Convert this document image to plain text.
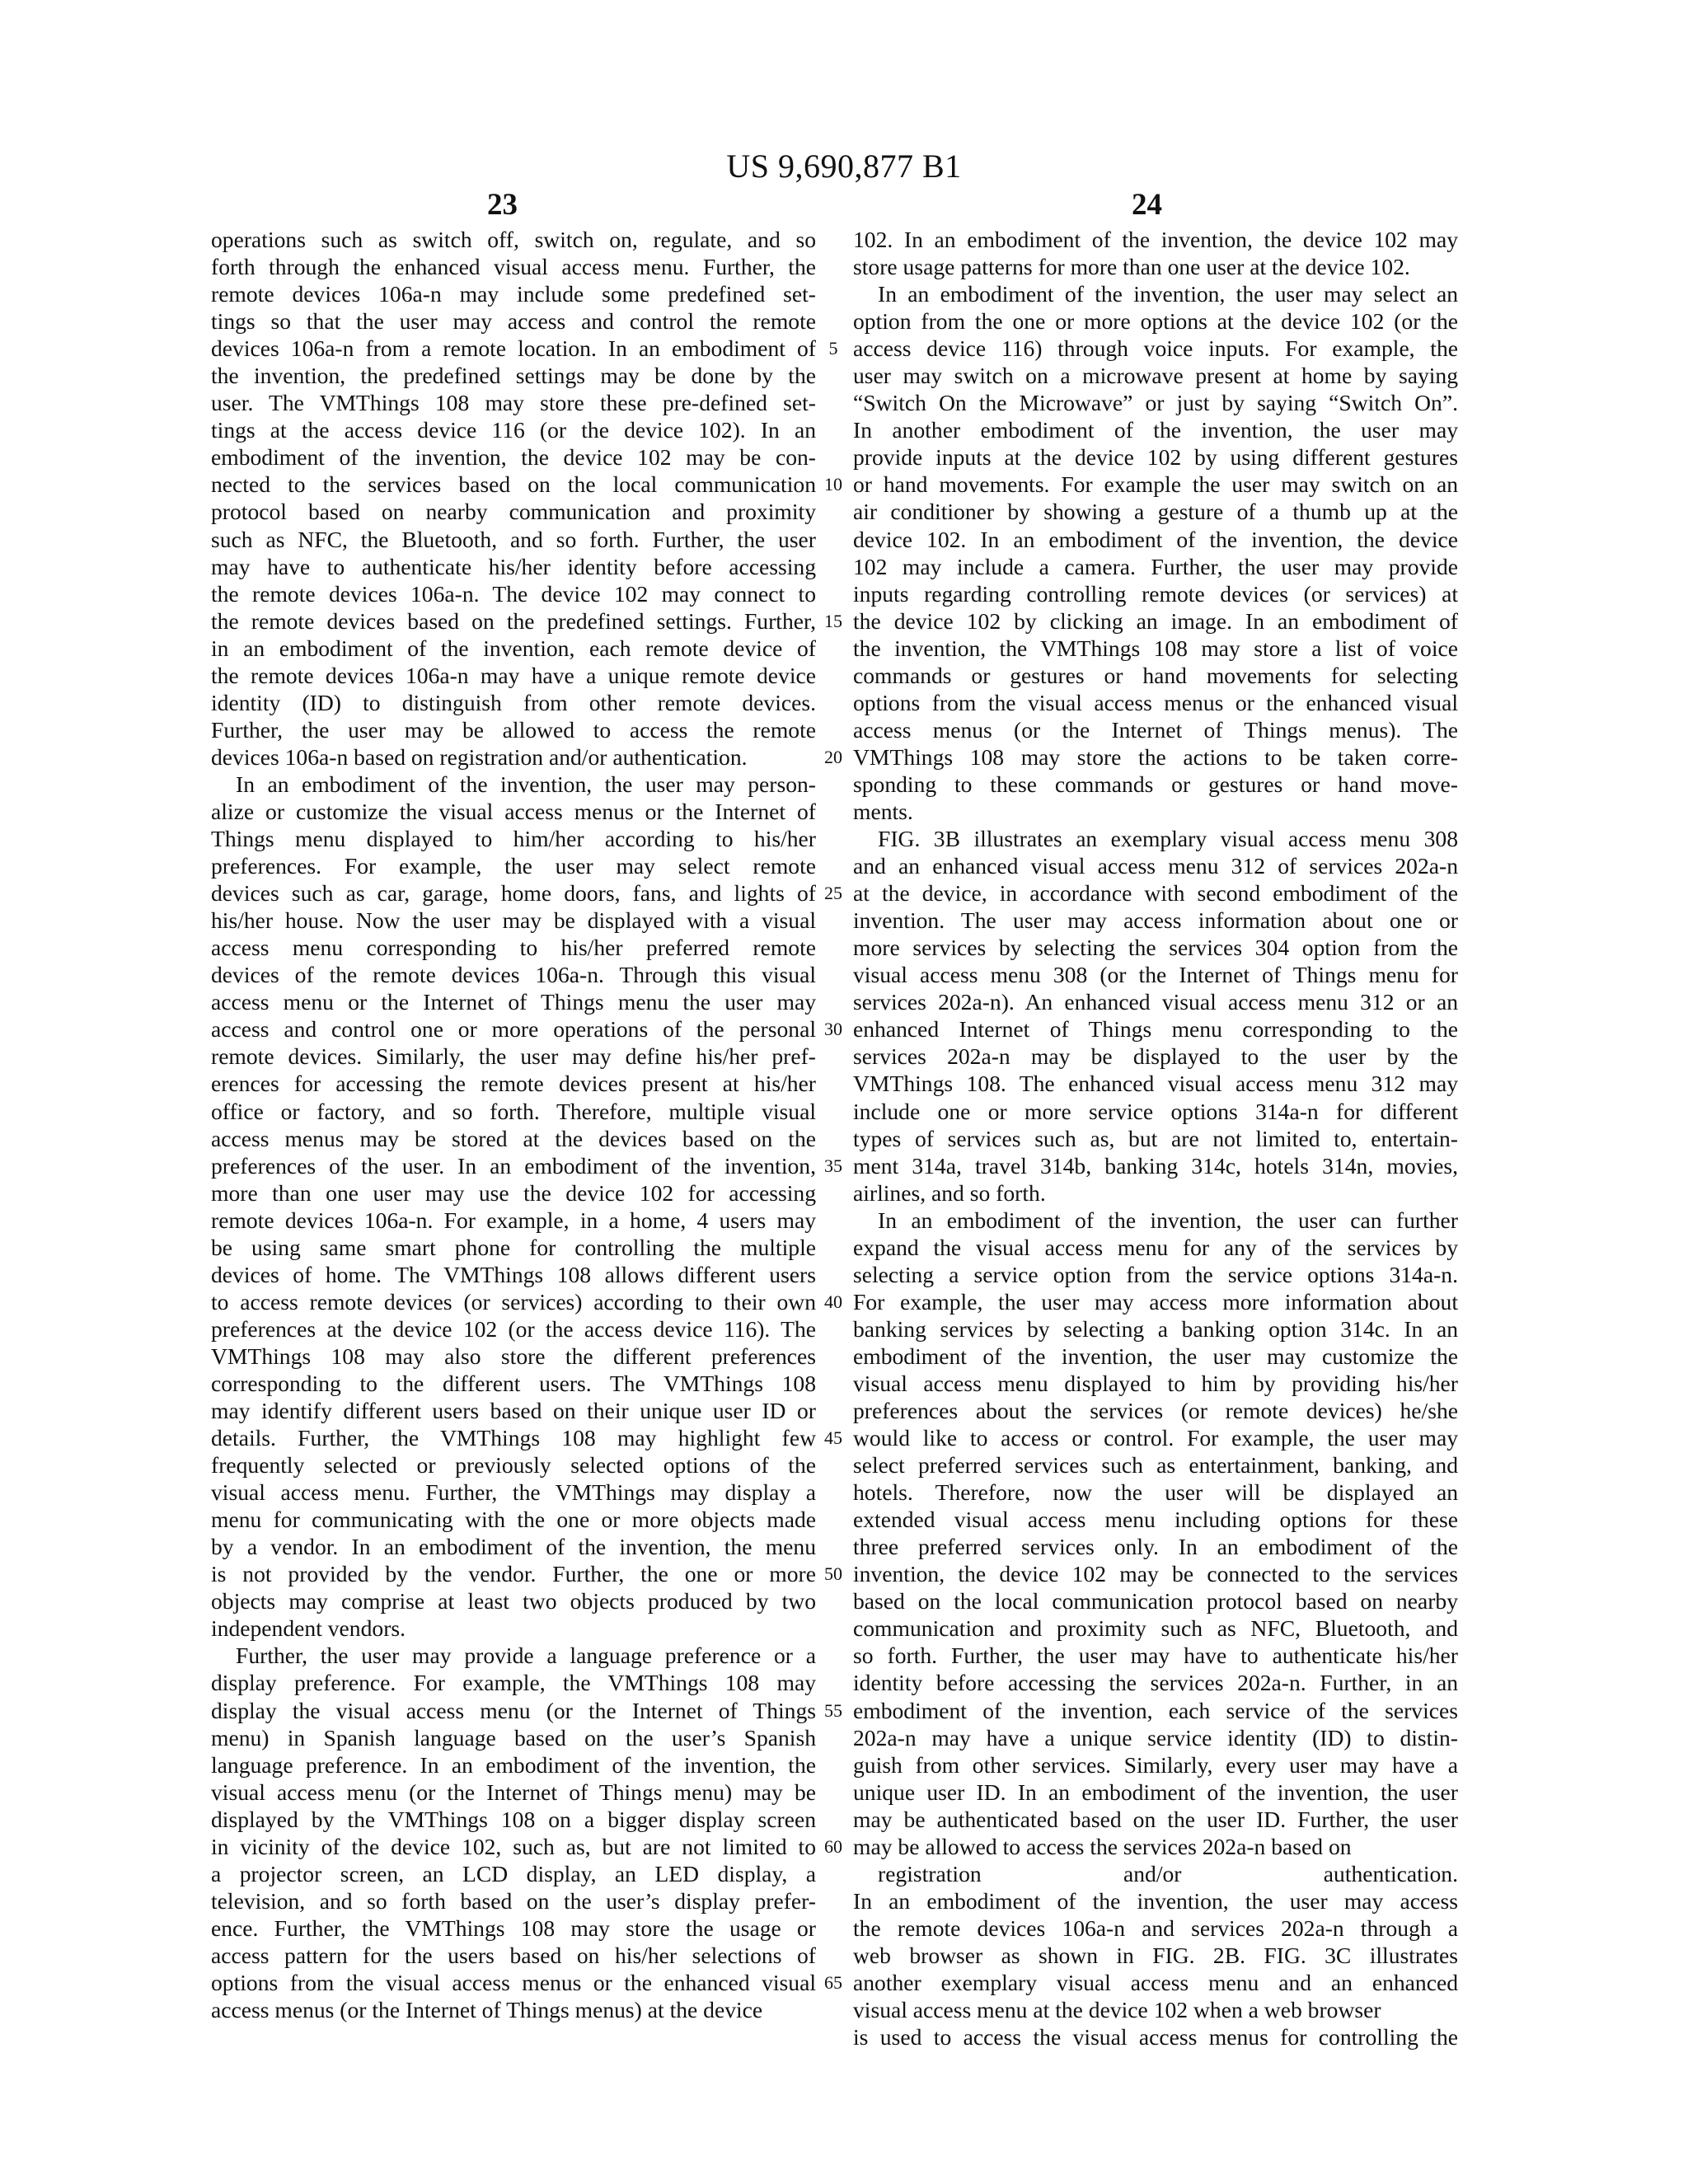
US 9,690,877 B1
23	24
operations such as switch off, switch on, regulate, and so
forth through the enhanced visual access menu. Further, the
remote devices 106a-n may include some predefined set-
tings so that the user may access and control the remote
devices 106a-n from a remote location. In an embodiment of
the invention, the predefined settings may be done by the
user. The VMThings 108 may store these pre-defined set-
tings at the access device 116 (or the device 102). In an
embodiment of the invention, the device 102 may be con-
nected to the services based on the local communication
protocol based on nearby communication and proximity
such as NFC, the Bluetooth, and so forth. Further, the user
may have to authenticate his/her identity before accessing
the remote devices 106a-n. The device 102 may connect to
the remote devices based on the predefined settings. Further,
in an embodiment of the invention, each remote device of
the remote devices 106a-n may have a unique remote device
identity (ID) to distinguish from other remote devices.
Further, the user may be allowed to access the remote
devices 106a-n based on registration and/or authentication.
In an embodiment of the invention, the user may person-
alize or customize the visual access menus or the Internet of
Things menu displayed to him/her according to his/her
preferences. For example, the user may select remote
devices such as car, garage, home doors, fans, and lights of
his/her house. Now the user may be displayed with a visual
access menu corresponding to his/her preferred remote
devices of the remote devices 106a-n. Through this visual
access menu or the Internet of Things menu the user may
access and control one or more operations of the personal
remote devices. Similarly, the user may define his/her pref-
erences for accessing the remote devices present at his/her
office or factory, and so forth. Therefore, multiple visual
access menus may be stored at the devices based on the
preferences of the user. In an embodiment of the invention,
more than one user may use the device 102 for accessing
remote devices 106a-n. For example, in a home, 4 users may
be using same smart phone for controlling the multiple
devices of home. The VMThings 108 allows different users
to access remote devices (or services) according to their own
preferences at the device 102 (or the access device 116). The
VMThings 108 may also store the different preferences
corresponding to the different users. The VMThings 108
may identify different users based on their unique user ID or
details. Further, the VMThings 108 may highlight few
frequently selected or previously selected options of the
visual access menu. Further, the VMThings may display a
menu for communicating with the one or more objects made
by a vendor. In an embodiment of the invention, the menu
is not provided by the vendor. Further, the one or more
objects may comprise at least two objects produced by two
independent vendors.
Further, the user may provide a language preference or a
display preference. For example, the VMThings 108 may
display the visual access menu (or the Internet of Things
menu) in Spanish language based on the user’s Spanish
language preference. In an embodiment of the invention, the
visual access menu (or the Internet of Things menu) may be
displayed by the VMThings 108 on a bigger display screen
in vicinity of the device 102, such as, but are not limited to
a projector screen, an LCD display, an LED display, a
television, and so forth based on the user’s display prefer-
ence. Further, the VMThings 108 may store the usage or
access pattern for the users based on his/her selections of
options from the visual access menus or the enhanced visual
access menus (or the Internet of Things menus) at the device
5
10
15
20
25
30
35
40
45
50
55
60
65
102. In an embodiment of the invention, the device 102 may
store usage patterns for more than one user at the device 102.
In an embodiment of the invention, the user may select an
option from the one or more options at the device 102 (or the
access device 116) through voice inputs. For example, the
user may switch on a microwave present at home by saying
“Switch On the Microwave” or just by saying “Switch On”.
In another embodiment of the invention, the user may
provide inputs at the device 102 by using different gestures
or hand movements. For example the user may switch on an
air conditioner by showing a gesture of a thumb up at the
device 102. In an embodiment of the invention, the device
102 may include a camera. Further, the user may provide
inputs regarding controlling remote devices (or services) at
the device 102 by clicking an image. In an embodiment of
the invention, the VMThings 108 may store a list of voice
commands or gestures or hand movements for selecting
options from the visual access menus or the enhanced visual
access menus (or the Internet of Things menus). The
VMThings 108 may store the actions to be taken corre-
sponding to these commands or gestures or hand move-
ments.
FIG. 3B illustrates an exemplary visual access menu 308
and an enhanced visual access menu 312 of services 202a-n
at the device, in accordance with second embodiment of the
invention. The user may access information about one or
more services by selecting the services 304 option from the
visual access menu 308 (or the Internet of Things menu for
services 202a-n). An enhanced visual access menu 312 or an
enhanced Internet of Things menu corresponding to the
services 202a-n may be displayed to the user by the
VMThings 108. The enhanced visual access menu 312 may
include one or more service options 314a-n for different
types of services such as, but are not limited to, entertain-
ment 314a, travel 314b, banking 314c, hotels 314n, movies,
airlines, and so forth.
In an embodiment of the invention, the user can further
expand the visual access menu for any of the services by
selecting a service option from the service options 314a-n.
For example, the user may access more information about
banking services by selecting a banking option 314c. In an
embodiment of the invention, the user may customize the
visual access menu displayed to him by providing his/her
preferences about the services (or remote devices) he/she
would like to access or control. For example, the user may
select preferred services such as entertainment, banking, and
hotels. Therefore, now the user will be displayed an
extended visual access menu including options for these
three preferred services only. In an embodiment of the
invention, the device 102 may be connected to the services
based on the local communication protocol based on nearby
communication and proximity such as NFC, Bluetooth, and
so forth. Further, the user may have to authenticate his/her
identity before accessing the services 202a-n. Further, in an
embodiment of the invention, each service of the services
202a-n may have a unique service identity (ID) to distin-
guish from other services. Similarly, every user may have a
unique user ID. In an embodiment of the invention, the user
may be authenticated based on the user ID. Further, the user
may be allowed to access the services 202a-n based on
registration and/or authentication.
In an embodiment of the invention, the user may access
the remote devices 106a-n and services 202a-n through a
web browser as shown in FIG. 2B. FIG. 3C illustrates
another exemplary visual access menu and an enhanced
visual access menu at the device 102 when a web browser
is used to access the visual access menus for controlling the
